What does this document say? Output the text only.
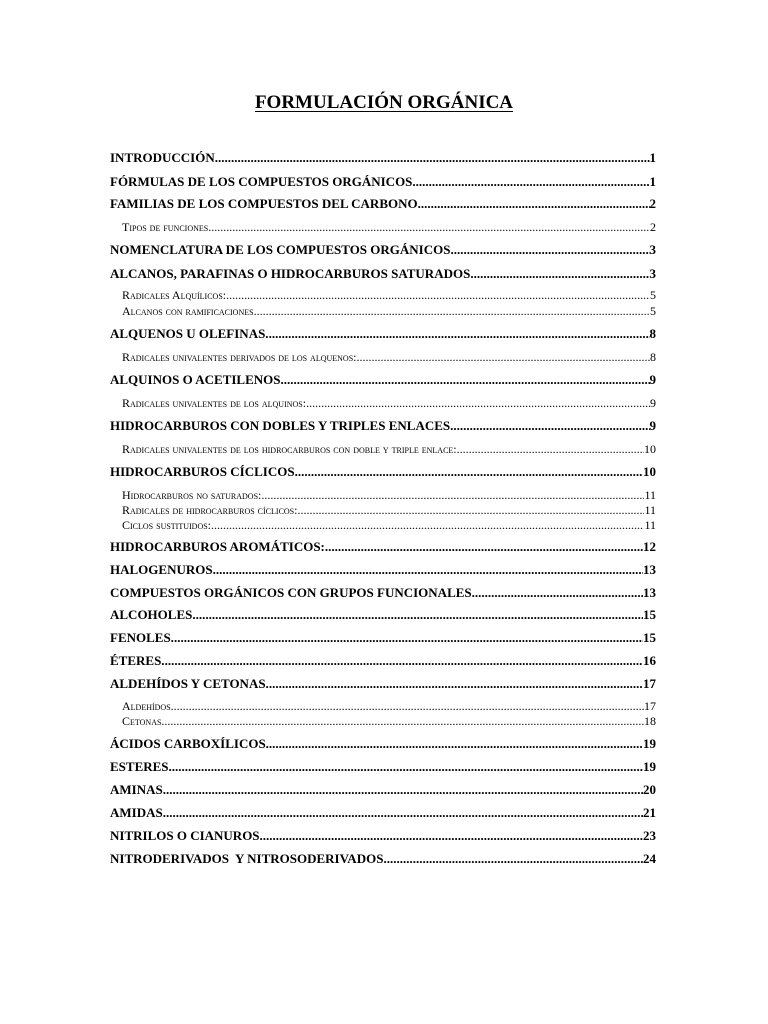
FORMULACIÓN ORGÁNICA
INTRODUCCIÓN. .....	1
FÓRMULAS DE LOS COMPUESTOS ORGÁNICOS. .....	1
FAMILIAS DE LOS COMPUESTOS DEL CARBONO. .....	2
Tipos de funciones. .....	2
NOMENCLATURA DE LOS COMPUESTOS ORGÁNICOS. .....	3
ALCANOS, PARAFINAS O HIDROCARBUROS SATURADOS .....	3
Radicales Alquílicos: .....	5
Alcanos con ramificaciones .....	5
ALQUENOS U OLEFINAS. .....	8
Radicales univalentes derivados de los alquenos: .....	8
ALQUINOS O ACETILENOS .....	9
Radicales univalentes de los alquinos: .....	9
HIDROCARBUROS CON DOBLES Y TRIPLES ENLACES. .....	9
Radicales univalentes de los hidrocarburos con doble y triple enlace: .....	10
HIDROCARBUROS CÍCLICOS .....	10
Hidrocarburos no saturados: .....	11
Radicales de hidrocarburos cíclicos: .....	11
Ciclos sustituidos: .....	11
HIDROCARBUROS AROMÁTICOS: .....	12
HALOGENUROS. .....	13
COMPUESTOS ORGÁNICOS CON GRUPOS FUNCIONALES .....	13
ALCOHOLES. .....	15
FENOLES. .....	15
ÉTERES. .....	16
ALDEHÍDOS Y CETONAS. .....	17
Aldehídos. .....	17
Cetonas. .....	18
ÁCIDOS CARBOXÍLICOS. .....	19
ESTERES. .....	19
AMINAS. .....	20
AMIDAS. .....	21
NITRILOS O CIANUROS. .....	23
NITRODERIVADOS  Y NITROSODERIVADOS .....	24
